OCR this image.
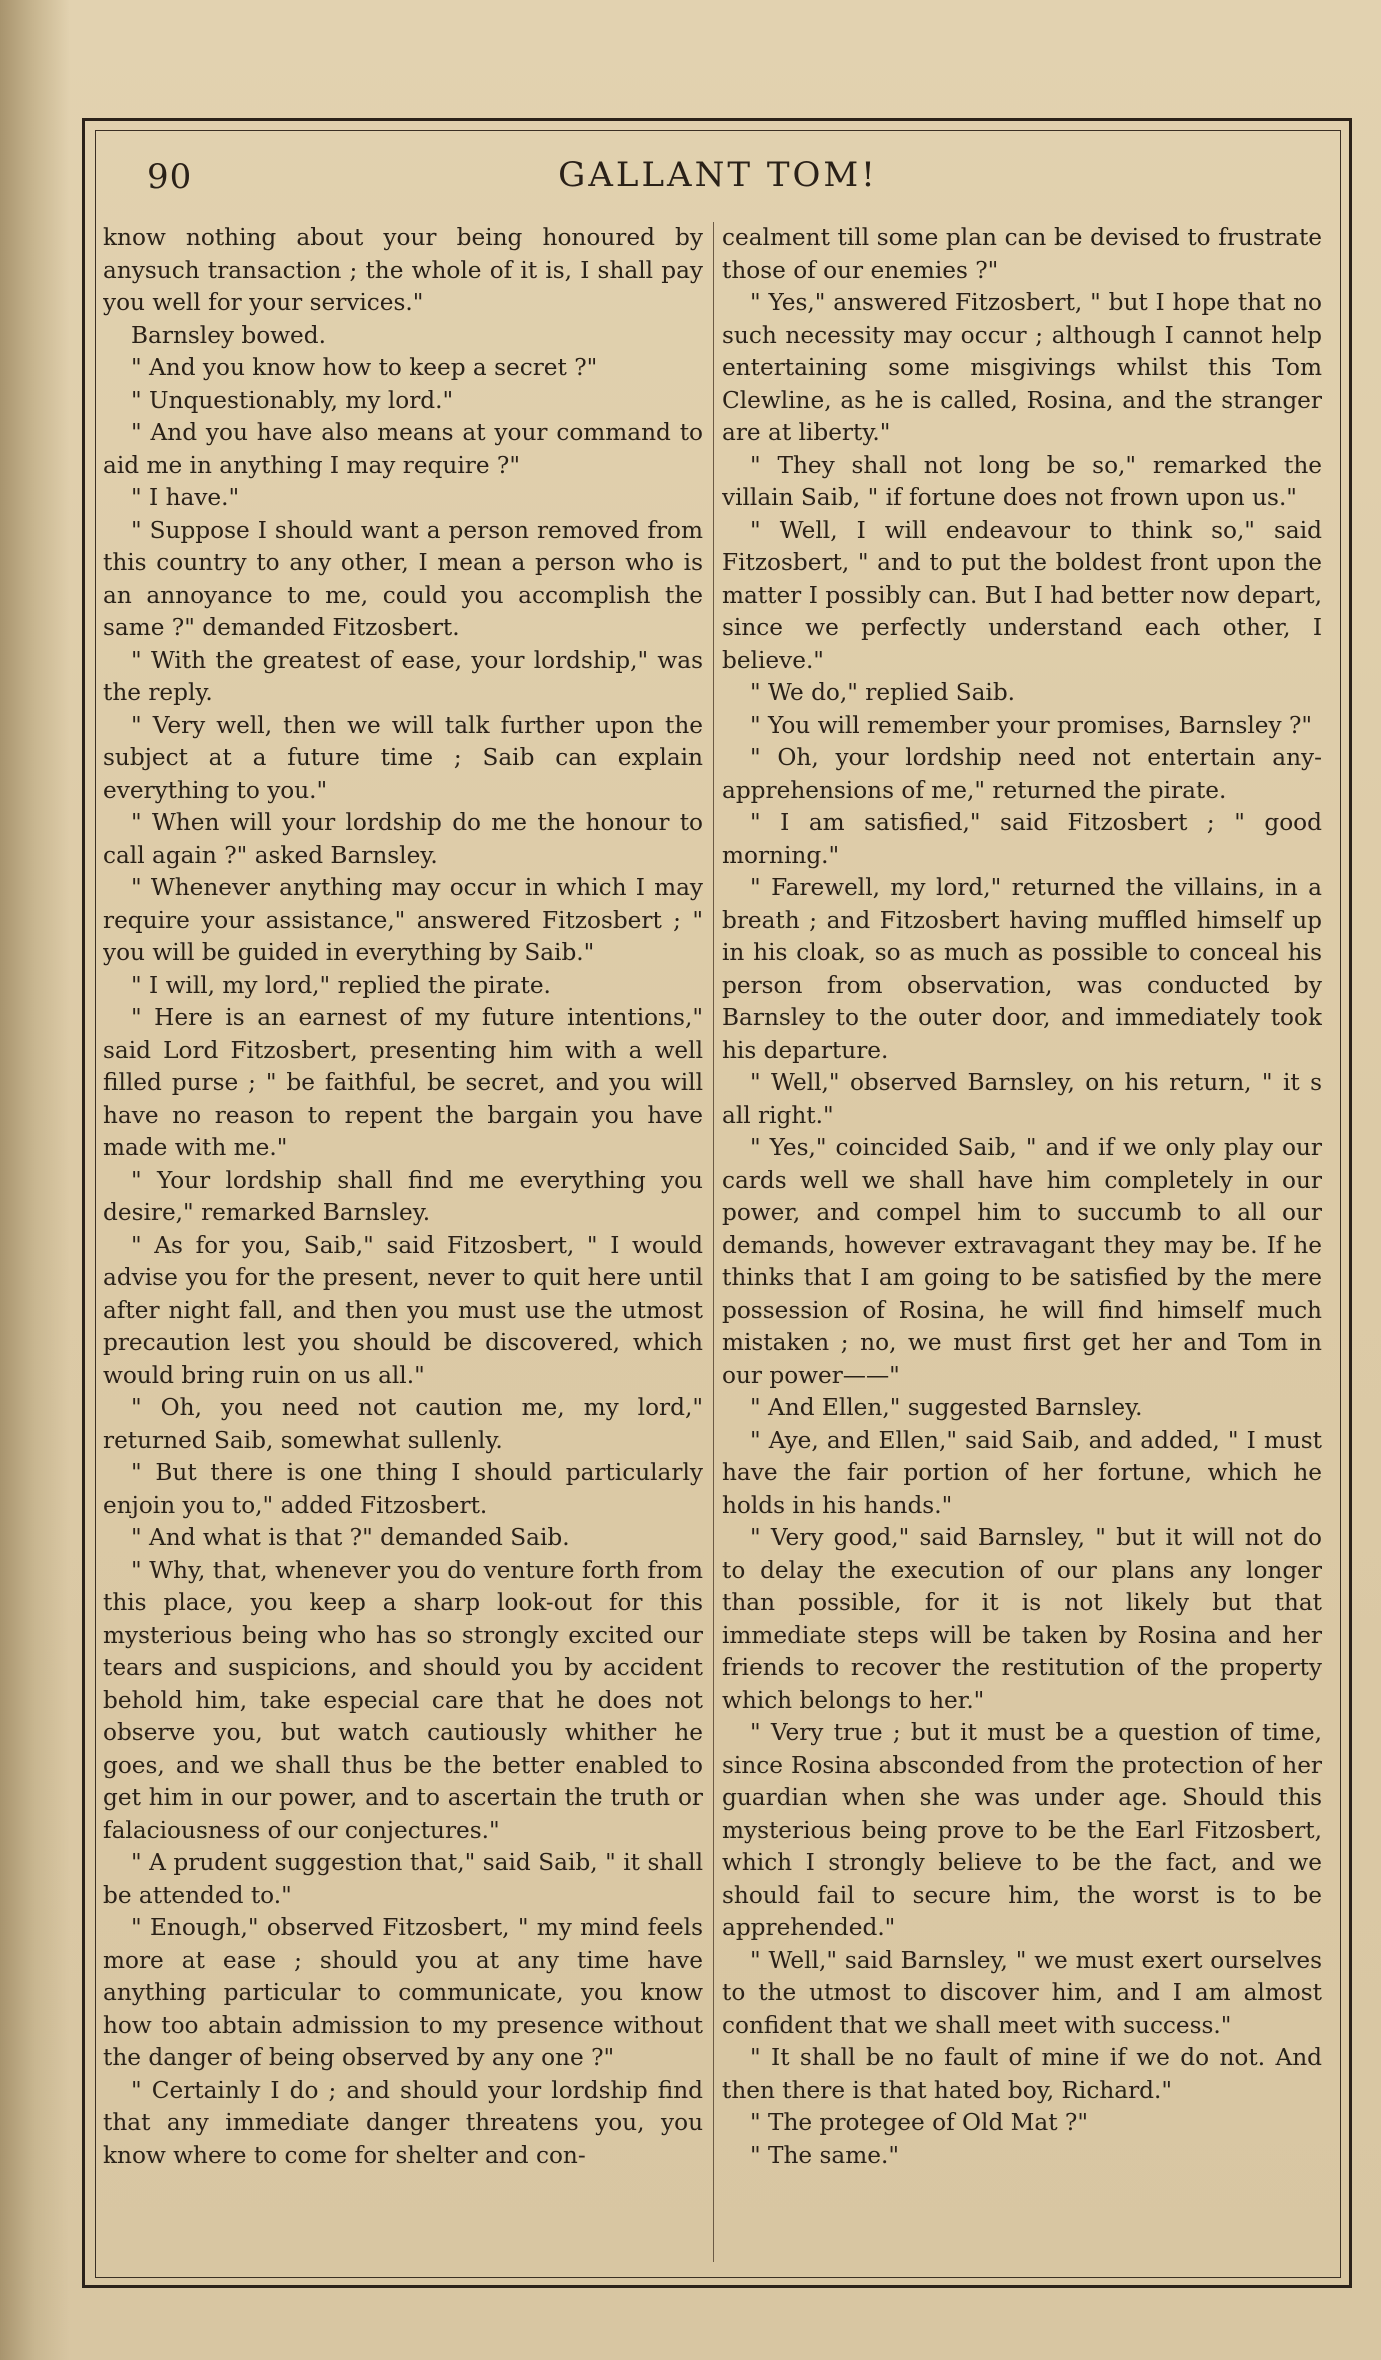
90	GALLANT TOM!

know nothing about your being honoured by anysuch transaction ; the whole of it is, I shall pay you well for your services."

Barnsley bowed.

" And you know how to keep a secret ?"

" Unquestionably, my lord."

" And you have also means at your command to aid me in anything I may require ?"

" I have."

" Suppose I should want a person removed from this country to any other, I mean a person who is an annoyance to me, could you accomplish the same ?" demanded Fitzosbert.

" With the greatest of ease, your lordship," was the reply.

" Very well, then we will talk further upon the subject at a future time ; Saib can explain everything to you."

" When will your lordship do me the honour to call again ?" asked Barnsley.

" Whenever anything may occur in which I may require your assistance," answered Fitzosbert ; " you will be guided in everything by Saib."

" I will, my lord," replied the pirate.

" Here is an earnest of my future intentions," said Lord Fitzosbert, presenting him with a well filled purse ; " be faithful, be secret, and you will have no reason to repent the bargain you have made with me."

" Your lordship shall find me everything you desire," remarked Barnsley.

" As for you, Saib," said Fitzosbert, " I would advise you for the present, never to quit here until after night fall, and then you must use the utmost precaution lest you should be discovered, which would bring ruin on us all."

" Oh, you need not caution me, my lord," returned Saib, somewhat sullenly.

" But there is one thing I should particularly enjoin you to," added Fitzosbert.

" And what is that ?" demanded Saib.

" Why, that, whenever you do venture forth from this place, you keep a sharp look-out for this mysterious being who has so strongly excited our tears and suspicions, and should you by accident behold him, take especial care that he does not observe you, but watch cautiously whither he goes, and we shall thus be the better enabled to get him in our power, and to ascertain the truth or falaciousness of our conjectures."

" A prudent suggestion that," said Saib, " it shall be attended to."

" Enough," observed Fitzosbert, " my mind feels more at ease ; should you at any time have anything particular to communicate, you know how too abtain admission to my presence without the danger of being observed by any one ?"

" Certainly I do ; and should your lordship find that any immediate danger threatens you, you know where to come for shelter and con-

cealment till some plan can be devised to frustrate those of our enemies ?"

" Yes," answered Fitzosbert, " but I hope that no such necessity may occur ; although I cannot help entertaining some misgivings whilst this Tom Clewline, as he is called, Rosina, and the stranger are at liberty."

" They shall not long be so," remarked the villain Saib, " if fortune does not frown upon us."

" Well, I will endeavour to think so," said Fitzosbert, " and to put the boldest front upon the matter I possibly can. But I had better now depart, since we perfectly understand each other, I believe."

" We do," replied Saib.

" You will remember your promises, Barnsley ?"

" Oh, your lordship need not entertain any-apprehensions of me," returned the pirate.

" I am satisfied," said Fitzosbert ; " good morning."

" Farewell, my lord," returned the villains, in a breath ; and Fitzosbert having muffled himself up in his cloak, so as much as possible to conceal his person from observation, was conducted by Barnsley to the outer door, and immediately took his departure.

" Well," observed Barnsley, on his return, " it s all right."

" Yes," coincided Saib, " and if we only play our cards well we shall have him completely in our power, and compel him to succumb to all our demands, however extravagant they may be. If he thinks that I am going to be satisfied by the mere possession of Rosina, he will find himself much mistaken ; no, we must first get her and Tom in our power——"

" And Ellen," suggested Barnsley.

" Aye, and Ellen," said Saib, and added, " I must have the fair portion of her fortune, which he holds in his hands."

" Very good," said Barnsley, " but it will not do to delay the execution of our plans any longer than possible, for it is not likely but that immediate steps will be taken by Rosina and her friends to recover the restitution of the property which belongs to her."

" Very true ; but it must be a question of time, since Rosina absconded from the protection of her guardian when she was under age. Should this mysterious being prove to be the Earl Fitzosbert, which I strongly believe to be the fact, and we should fail to secure him, the worst is to be apprehended."

" Well," said Barnsley, " we must exert ourselves to the utmost to discover him, and I am almost confident that we shall meet with success."

" It shall be no fault of mine if we do not. And then there is that hated boy, Richard."

" The protegee of Old Mat ?"

" The same."
